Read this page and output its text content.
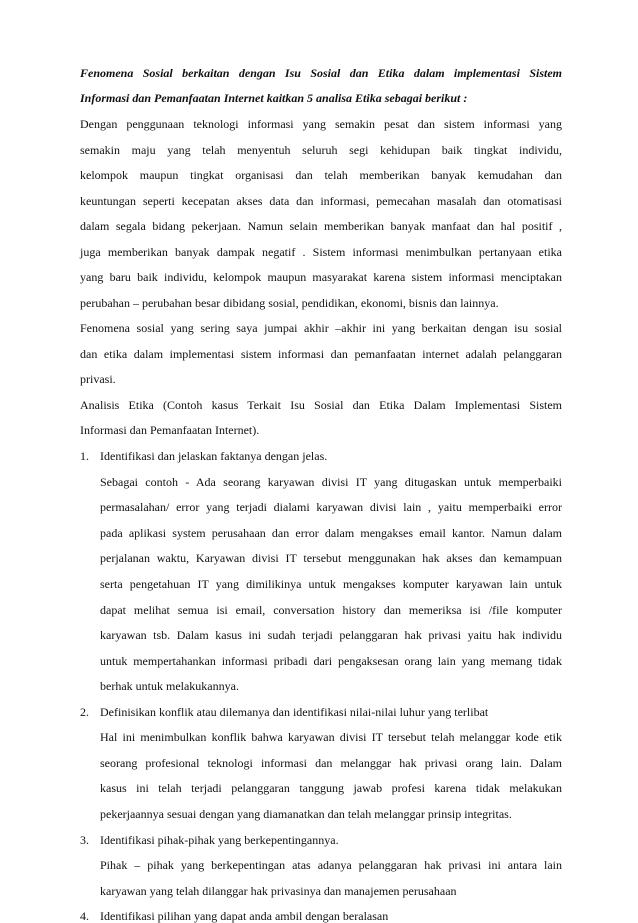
Fenomena Sosial berkaitan dengan Isu Sosial dan Etika dalam implementasi Sistem
Informasi dan Pemanfaatan Internet kaitkan 5 analisa Etika sebagai berikut :
Dengan penggunaan teknologi informasi yang semakin pesat dan sistem informasi yang
semakin maju yang telah menyentuh seluruh segi kehidupan baik tingkat individu,
kelompok maupun tingkat organisasi dan telah memberikan banyak kemudahan dan
keuntungan seperti kecepatan akses data dan informasi, pemecahan masalah dan otomatisasi
dalam segala bidang pekerjaan. Namun selain memberikan banyak manfaat dan hal positif ,
juga memberikan banyak dampak negatif . Sistem informasi menimbulkan pertanyaan etika
yang baru baik individu, kelompok maupun masyarakat karena sistem informasi menciptakan
perubahan – perubahan besar dibidang sosial, pendidikan, ekonomi, bisnis dan lainnya.
Fenomena sosial yang sering saya jumpai akhir –akhir ini yang berkaitan dengan isu sosial
dan etika dalam implementasi sistem informasi dan pemanfaatan internet adalah pelanggaran
privasi.
Analisis Etika (Contoh kasus Terkait Isu Sosial dan Etika Dalam Implementasi Sistem
Informasi dan Pemanfaatan Internet).
1. Identifikasi dan jelaskan faktanya dengan jelas.
Sebagai contoh - Ada seorang karyawan divisi IT yang ditugaskan untuk memperbaiki
permasalahan/ error yang terjadi dialami karyawan divisi lain , yaitu memperbaiki error
pada aplikasi system perusahaan dan error dalam mengakses email kantor. Namun dalam
perjalanan waktu, Karyawan divisi IT tersebut menggunakan hak akses dan kemampuan
serta pengetahuan IT yang dimilikinya untuk mengakses komputer karyawan lain untuk
dapat melihat semua isi email, conversation history dan memeriksa isi /file komputer
karyawan tsb. Dalam kasus ini sudah terjadi pelanggaran hak privasi yaitu hak individu
untuk mempertahankan informasi pribadi dari pengaksesan orang lain yang memang tidak
berhak untuk melakukannya.
2. Definisikan konflik atau dilemanya dan identifikasi nilai-nilai luhur yang terlibat
Hal ini menimbulkan konflik bahwa karyawan divisi IT tersebut telah melanggar kode etik
seorang profesional teknologi informasi dan melanggar hak privasi orang lain. Dalam
kasus ini telah terjadi pelanggaran tanggung jawab profesi karena tidak melakukan
pekerjaannya sesuai dengan yang diamanatkan dan telah melanggar prinsip integritas.
3. Identifikasi pihak-pihak yang berkepentingannya.
Pihak – pihak yang berkepentingan atas adanya pelanggaran hak privasi ini antara lain
karyawan yang telah dilanggar hak privasinya dan manajemen perusahaan
4. Identifikasi pilihan yang dapat anda ambil dengan beralasan
